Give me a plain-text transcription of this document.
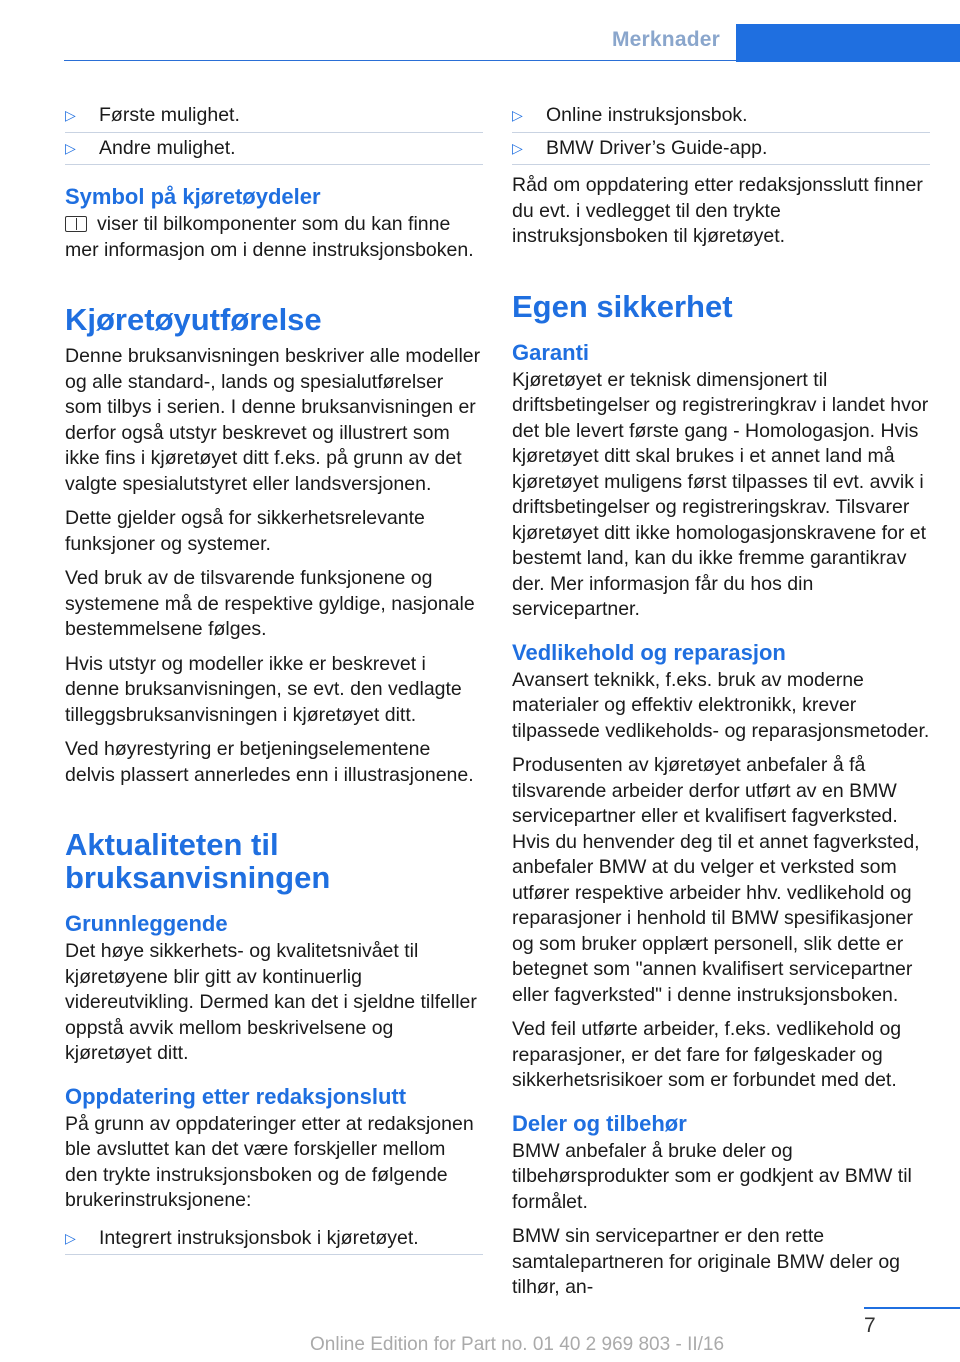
Merknader
▷ Første mulighet.
▷ Andre mulighet.
Symbol på kjøretøydeler

viser til bilkomponenter som du kan finne mer informasjon om i denne instruksjonsboken.

Kjøretøyutførelse

Denne bruksanvisningen beskriver alle modeller og alle standard-, lands og spesialutførelser som tilbys i serien. I denne bruksanvisningen er derfor også utstyr beskrevet og illustrert som ikke fins i kjøretøyet ditt f.eks. på grunn av det valgte spesialutstyret eller landsversjonen.

Dette gjelder også for sikkerhetsrelevante funksjoner og systemer.

Ved bruk av de tilsvarende funksjonene og systemene må de respektive gyldige, nasjonale bestemmelsene følges.

Hvis utstyr og modeller ikke er beskrevet i denne bruksanvisningen, se evt. den vedlagte tilleggsbruksanvisningen i kjøretøyet ditt.

Ved høyrestyring er betjeningselementene delvis plassert annerledes enn i illustrasjonene.

Aktualiteten til bruksanvisningen
Grunnleggende

Det høye sikkerhets- og kvalitetsnivået til kjøretøyene blir gitt av kontinuerlig videreutvikling. Dermed kan det i sjeldne tilfeller oppstå avvik mellom beskrivelsene og kjøretøyet ditt.

Oppdatering etter redaksjonslutt

På grunn av oppdateringer etter at redaksjonen ble avsluttet kan det være forskjeller mellom den trykte instruksjonsboken og de følgende brukerinstruksjonene:

▷ Integrert instruksjonsbok i kjøretøyet.
▷ Online instruksjonsbok.
▷ BMW Driver’s Guide-app.

Råd om oppdatering etter redaksjonsslutt finner du evt. i vedlegget til den trykte instruksjonsboken til kjøretøyet.

Egen sikkerhet
Garanti

Kjøretøyet er teknisk dimensjonert til driftsbetingelser og registreringkrav i landet hvor det ble levert første gang - Homologasjon. Hvis kjøretøyet ditt skal brukes i et annet land må kjøretøyet muligens først tilpasses til evt. avvik i driftsbetingelser og registreringskrav. Tilsvarer kjøretøyet ditt ikke homologasjonskravene for et bestemt land, kan du ikke fremme garantikrav der. Mer informasjon får du hos din servicepartner.

Vedlikehold og reparasjon

Avansert teknikk, f.eks. bruk av moderne materialer og effektiv elektronikk, krever tilpassede vedlikeholds- og reparasjonsmetoder.

Produsenten av kjøretøyet anbefaler å få tilsvarende arbeider derfor utført av en BMW servicepartner eller et kvalifisert fagverksted. Hvis du henvender deg til et annet fagverksted, anbefaler BMW at du velger et verksted som utfører respektive arbeider hhv. vedlikehold og reparasjoner i henhold til BMW spesifikasjoner og som bruker opplært personell, slik dette er betegnet som "annen kvalifisert servicepartner eller fagverksted" i denne instruksjonsboken.

Ved feil utførte arbeider, f.eks. vedlikehold og reparasjoner, er det fare for følgeskader og sikkerhetsrisikoer som er forbundet med det.

Deler og tilbehør

BMW anbefaler å bruke deler og tilbehørsprodukter som er godkjent av BMW til formålet.

BMW sin servicepartner er den rette samtalepartneren for originale BMW deler og tilhør, an-

7
Online Edition for Part no. 01 40 2 969 803 - II/16
